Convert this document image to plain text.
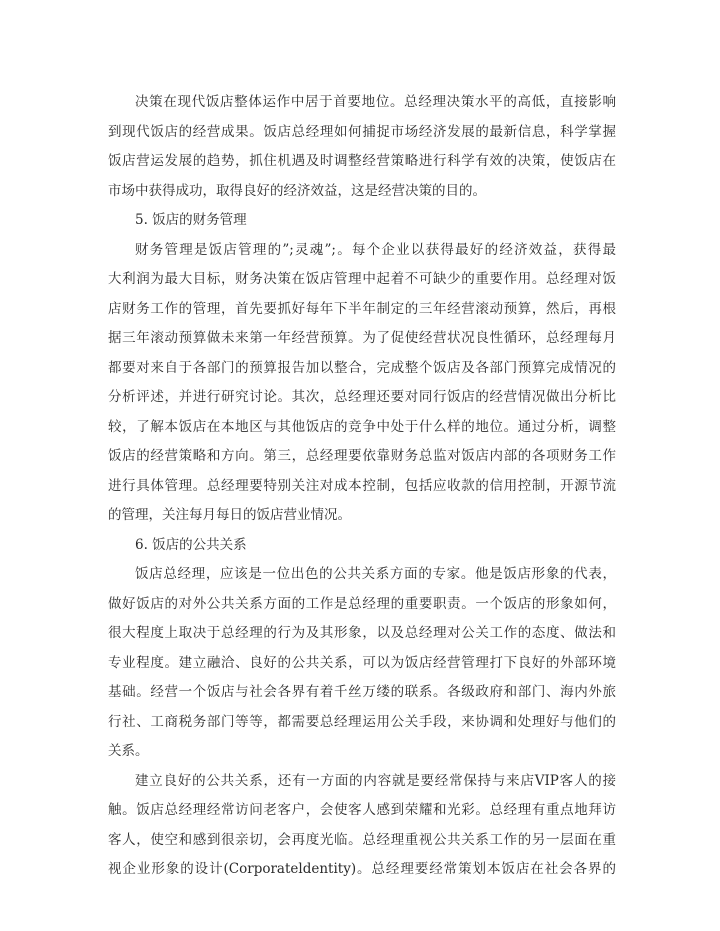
决策在现代饭店整体运作中居于首要地位。总经理决策水平的高低，直接影响
到现代饭店的经营成果。饭店总经理如何捕捉市场经济发展的最新信息，科学掌握
饭店营运发展的趋势，抓住机遇及时调整经营策略进行科学有效的决策，使饭店在
市场中获得成功，取得良好的经济效益，这是经营决策的目的。
5. 饭店的财务管理
财务管理是饭店管理的”;灵魂”;。每个企业以获得最好的经济效益，获得最
大利润为最大目标，财务决策在饭店管理中起着不可缺少的重要作用。总经理对饭
店财务工作的管理，首先要抓好每年下半年制定的三年经营滚动预算，然后，再根
据三年滚动预算做未来第一年经营预算。为了促使经营状况良性循环，总经理每月
都要对来自于各部门的预算报告加以整合，完成整个饭店及各部门预算完成情况的
分析评述，并进行研究讨论。其次，总经理还要对同行饭店的经营情况做出分析比
较，了解本饭店在本地区与其他饭店的竞争中处于什么样的地位。通过分析，调整
饭店的经营策略和方向。第三，总经理要依靠财务总监对饭店内部的各项财务工作
进行具体管理。总经理要特别关注对成本控制，包括应收款的信用控制，开源节流
的管理，关注每月每日的饭店营业情况。
6. 饭店的公共关系
饭店总经理，应该是一位出色的公共关系方面的专家。他是饭店形象的代表，
做好饭店的对外公共关系方面的工作是总经理的重要职责。一个饭店的形象如何，
很大程度上取决于总经理的行为及其形象，以及总经理对公关工作的态度、做法和
专业程度。建立融洽、良好的公共关系，可以为饭店经营管理打下良好的外部环境
基础。经营一个饭店与社会各界有着千丝万缕的联系。各级政府和部门、海内外旅
行社、工商税务部门等等，都需要总经理运用公关手段，来协调和处理好与他们的
关系。
建立良好的公共关系，还有一方面的内容就是要经常保持与来店VIP客人的接
触。饭店总经理经常访问老客户，会使客人感到荣耀和光彩。总经理有重点地拜访
客人，使空和感到很亲切，会再度光临。总经理重视公共关系工作的另一层面在重
视企业形象的设计(Corporateldentity)。总经理要经常策划本饭店在社会各界的
